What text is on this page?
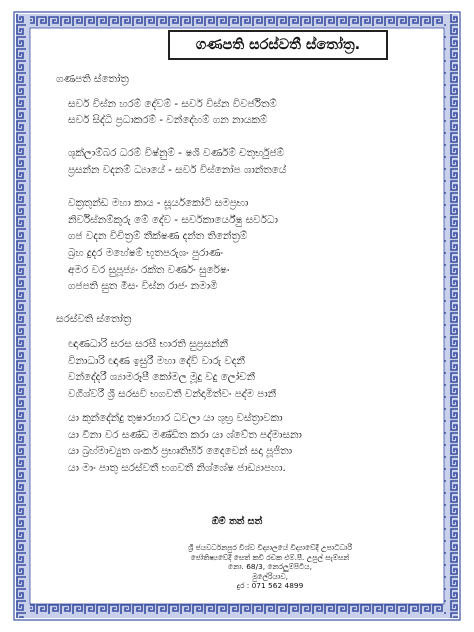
ගණපති සරස්වතී ස්තෝත්‍ර.
ගණපති ස්තෝත්‍ර
සර්ව විඝ්න හරම් දේවම් - සර්ව විඝ්න විවර්ජිතම්
සර්ව සිද්ධි ප්‍රධාකරම් - වන්දේහම් ගන නායකම්
ශුක්ලාම්බර ධරම් විෂ්නුම් - ෂශි වර්ණම් චතුර්භුජම්
ප්‍රසන්න වදනම් ධ්‍යායේ - සර්ව විඝ්නෝප ශාන්තයේ
වක්‍රතුන්ඩ මහා කාය - සූර්යකෝටි සමප්‍රභා
නිර්විඝ්නම්කුරු මේ දේව - සර්වකාර්යේෂු සර්වධා
ගජ වදන විචිත්‍රම් තීක්ෂණ දන්ත තිනේත්‍රම්
බ්‍රහ දුදර මහේෂම් භූතපරුශං පුරාණං
අමර වර සුපූජ්‍යං රක්ත වර්ණං සුරේෂං
ගජපති සුත මීසං විඝ්න රාජං නමාමි
සරස්වති ස්තෝත්‍ර
ඥාණධාරි සරස සරසී භාරති සුප්‍රසන්නී
විනාධාරි ඥාණ ඉසුරී මහා දේවි වාරු වදනී
වන්දේදරී ශ්‍යාමරූපී කෝමල මූදු වදු ලෝචනී
වගීශ්වරී ශ්‍රී සරසවි භගවතී වන්දාමිත්වං පද්ම පානී
යා කුන්දේන්දු තුෂාරහාර ධවලා යා ශුභ්‍ර වස්ත්‍රාවකා
යා වීනා වර සණ්ඩ මණ්ඩිත කරා යා ශ්වේත පද්මාසනා
යා බ්‍රහ්මාච්‍යුත ශංකර් ප්‍රභෘතිභිර් දෛවෙන් සදා පූජිතා
යා මාං පාතු සරස්වතී භගවතී නිශ්ශේෂ ජාඩ්‍යාපහා.
ඕම් තත් සත්
ශ්‍රී ජයවර්ධනපුර විශ්ව විද්‍යාලයේ විද්‍යාවේදී උපාධිධාරී
ජෝතිෂ්‍යවේදී සෙත් කවි රචක එම්.පී. උපුල් සැම්සන්
නො. 68/3, නෙරලුම්පිටිය,
මුලේරියාව,
දුර : 071 562 4899
